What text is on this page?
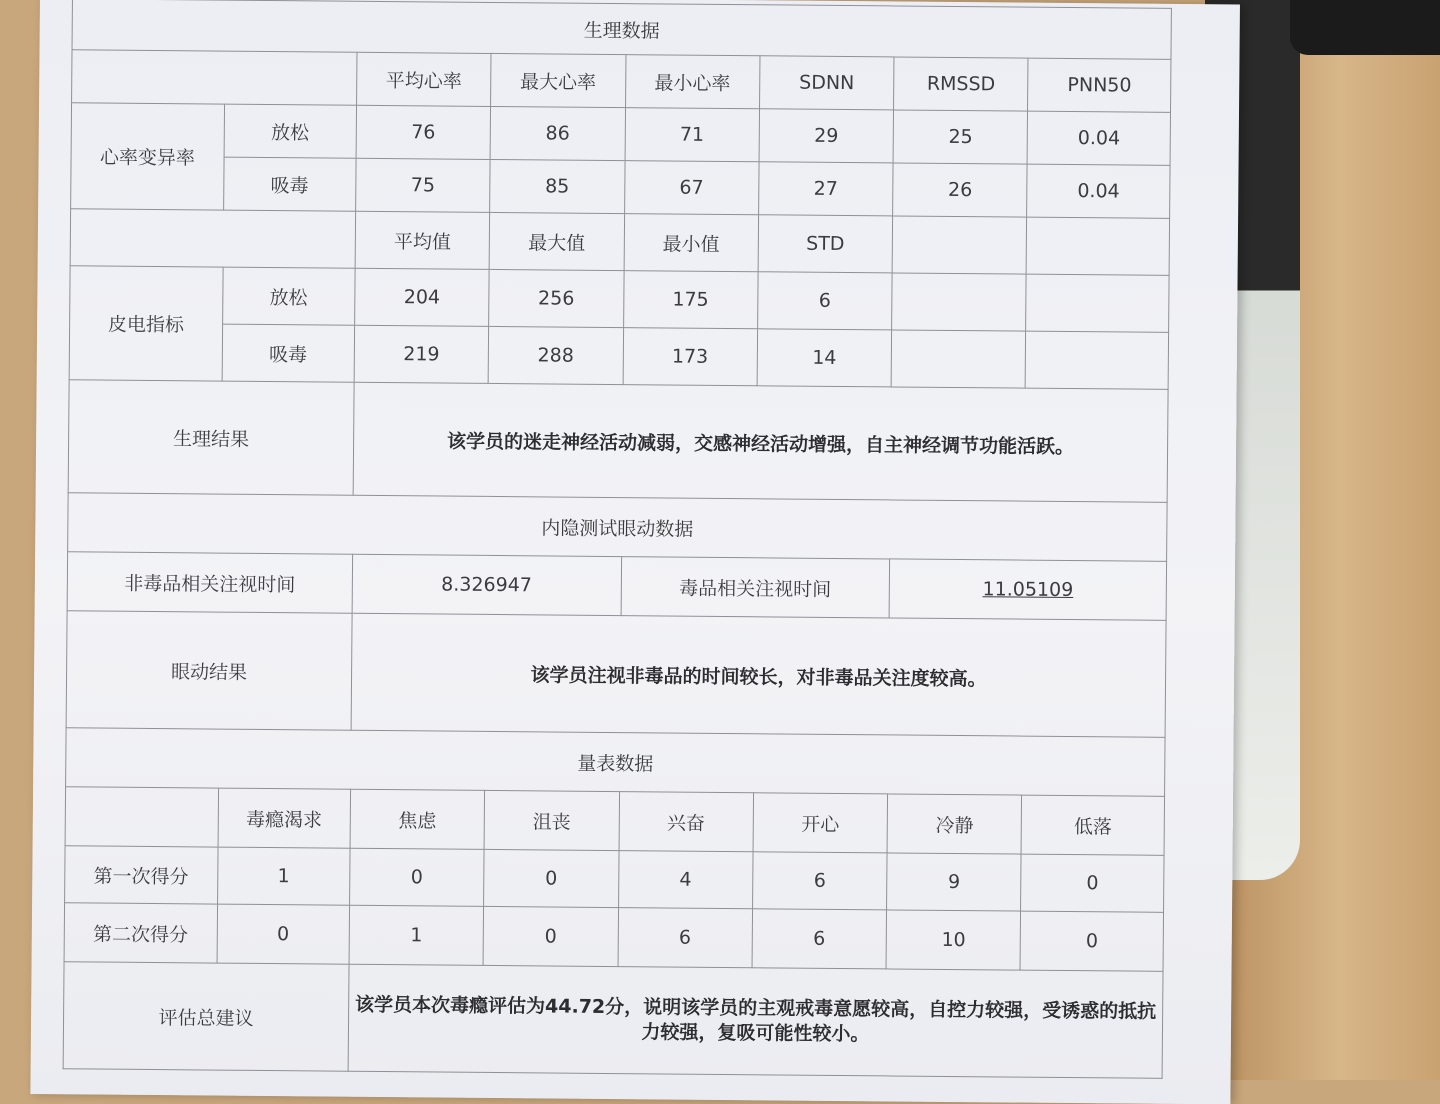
生理数据							
		平均心率	最大心率	最小心率	SDNN	RMSSD	PNN50
心率变异率	放松	76	86	71	29	25	0.04
	吸毒	75	85	67	27	26	0.04
		平均值	最大值	最小值	STD		
皮电指标	放松	204	256	175	6		
	吸毒	219	288	173	14		
生理结果		该学员的迷走神经活动减弱，交感神经活动增强，自主神经调节功能活跃。					
内隐测试眼动数据							
非毒品相关注视时间		8.326947		毒品相关注视时间		11.05109	
眼动结果		该学员注视非毒品的时间较长，对非毒品关注度较高。					
量表数据							
	毒瘾渴求	焦虑	沮丧	兴奋	开心	冷静	低落
第一次得分	1	0	0	4	6	9	0
第二次得分	0	1	0	6	6	10	0
评估总建议		该学员本次毒瘾评估为44.72分，说明该学员的主观戒毒意愿较高，自控力较强，受诱惑的抵抗力较强，复吸可能性较小。					
